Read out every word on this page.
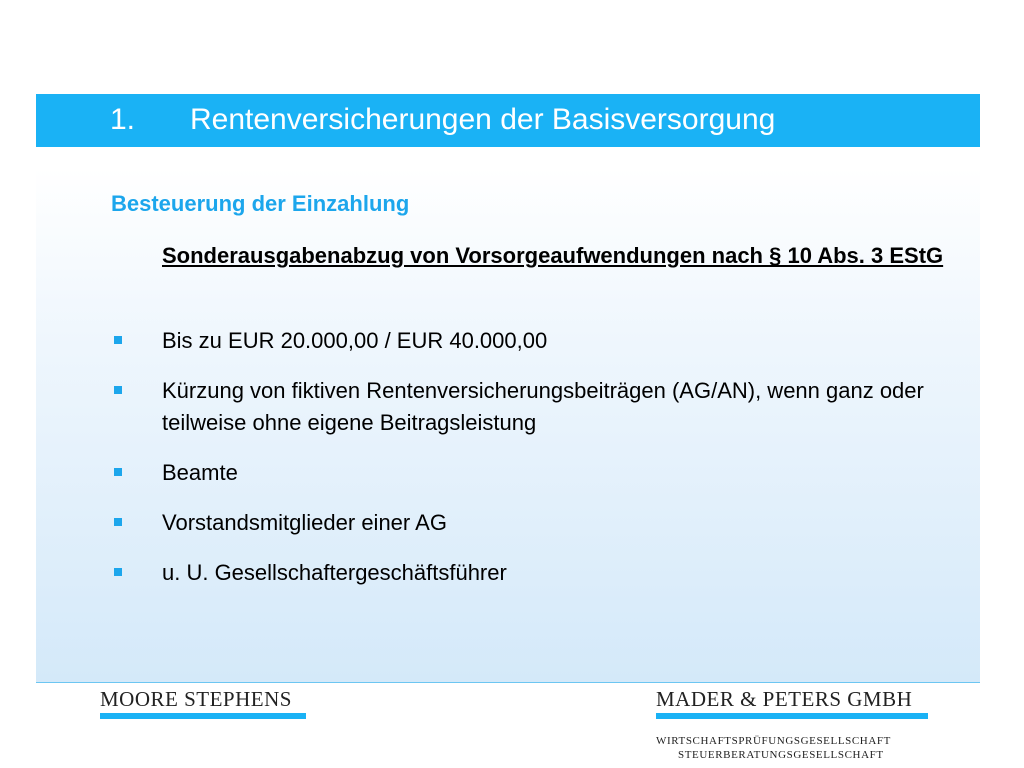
1. Rentenversicherungen der Basisversorgung
Besteuerung der Einzahlung
Sonderausgabenabzug von Vorsorgeaufwendungen nach § 10 Abs. 3 EStG
Bis zu EUR 20.000,00 / EUR 40.000,00
Kürzung von fiktiven Rentenversicherungsbeiträgen (AG/AN), wenn ganz oder teilweise ohne eigene Beitragsleistung
Beamte
Vorstandsmitglieder einer AG
u. U. Gesellschaftergeschäftsführer
MOORE STEPHENS	MADER & PETERS GMBH
WIRTSCHAFTSPRÜFUNGSGESELLSCHAFT
STEUERBERATUNGSGESELLSCHAFT
